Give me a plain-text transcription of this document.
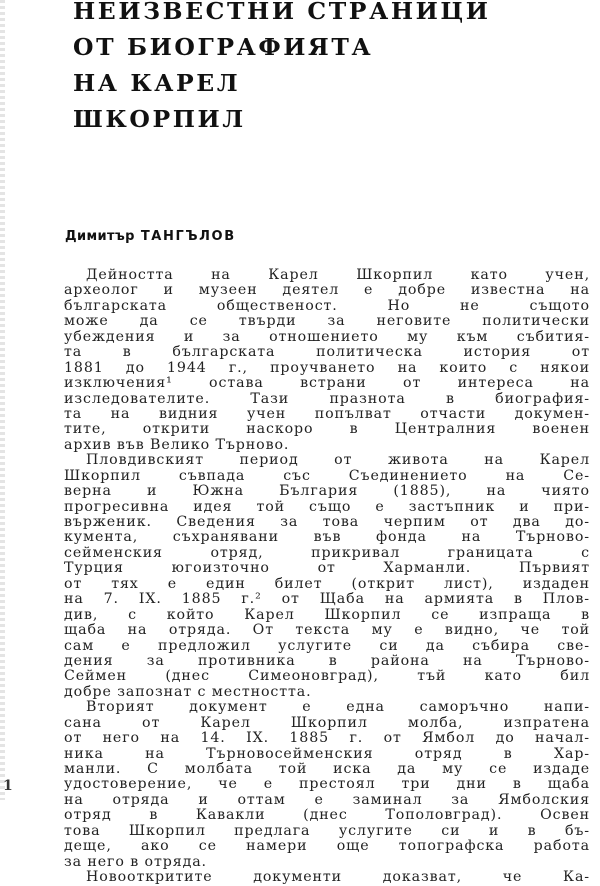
НЕИЗВЕСТНИ СТРАНИЦИ
ОТ БИОГРАФИЯТА
НА КАРЕЛ
ШКОРПИЛ
Димитър ТАНГЪЛОВ
Дейността на Карел Шкорпил като учен,
археолог и музеен деятел е добре известна на
българската общественост. Но не същото
може да се твърди за неговите политически
убеждения и за отношението му към събития-
та в българската политическа история от
1881 до 1944 г., проучването на които с някои
изключения¹ остава встрани от интереса на
изследователите. Тази празнота в биография-
та на видния учен попълват отчасти докумен-
тите, открити наскоро в Централния военен
архив във Велико Търново.
Пловдивският период от живота на Карел
Шкорпил съвпада със Съединението на Се-
верна и Южна България (1885), на чиято
прогресивна идея той също е застъпник и при-
върженик. Сведения за това черпим от два до-
кумента, съхранявани във фонда на Търново-
сейменския отряд, прикривал границата с
Турция югоизточно от Харманли. Първият
от тях е един билет (открит лист), издаден
на 7. IX. 1885 г.² от Щаба на армията в Плов-
див, с който Карел Шкорпил се изпраща в
щаба на отряда. От текста му е видно, че той
сам е предложил услугите си да събира све-
дения за противника в района на Търново-
Сеймен (днес Симеоновград), тъй като бил
добре запознат с местността.
Вторият документ е една саморъчно напи-
сана от Карел Шкорпил молба, изпратена
от него на 14. IX. 1885 г. от Ямбол до начал-
ника на Търновосейменския отряд в Хар-
манли. С молбата той иска да му се издаде
удостоверение, че е престоял три дни в щаба
на отряда и оттам е заминал за Ямболския
отряд в Кавакли (днес Тополовград). Освен
това Шкорпил предлага услугите си и в бъ-
деще, ако се намери още топографска работа
за него в отряда.
Новооткритите документи доказват, че Ка-
1
